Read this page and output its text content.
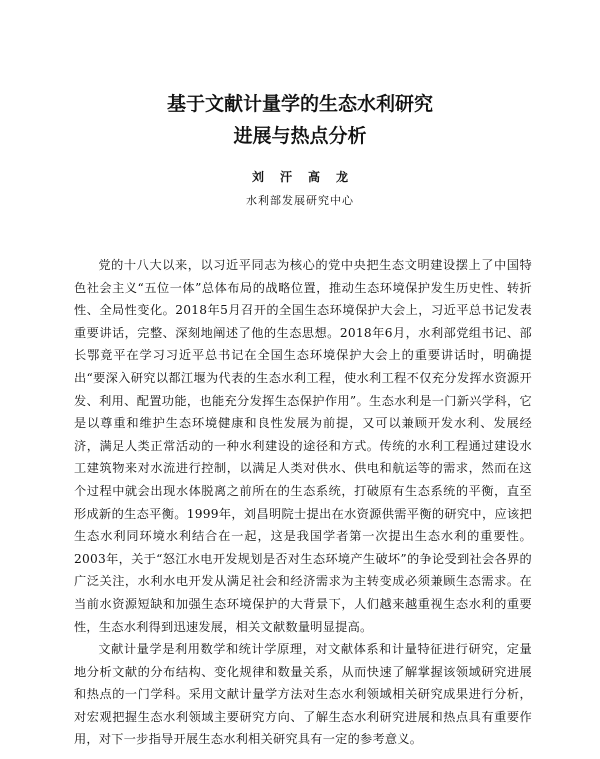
基于文献计量学的生态水利研究
进展与热点分析
刘汗高龙
水利部发展研究中心

党的十八大以来，以习近平同志为核心的党中央把生态文明建设摆上了中国特色社会主义“五位一体”总体布局的战略位置，推动生态环境保护发生历史性、转折性、全局性变化。2018年5月召开的全国生态环境保护大会上，习近平总书记发表重要讲话，完整、深刻地阐述了他的生态思想。2018年6月，水利部党组书记、部长鄂竟平在学习习近平总书记在全国生态环境保护大会上的重要讲话时，明确提出“要深入研究以都江堰为代表的生态水利工程，使水利工程不仅充分发挥水资源开发、利用、配置功能，也能充分发挥生态保护作用”。生态水利是一门新兴学科，它是以尊重和维护生态环境健康和良性发展为前提，又可以兼顾开发水利、发展经济，满足人类正常活动的一种水利建设的途径和方式。传统的水利工程通过建设水工建筑物来对水流进行控制，以满足人类对供水、供电和航运等的需求，然而在这个过程中就会出现水体脱离之前所在的生态系统，打破原有生态系统的平衡，直至形成新的生态平衡。1999年，刘昌明院士提出在水资源供需平衡的研究中，应该把生态水利同环境水利结合在一起，这是我国学者第一次提出生态水利的重要性。2003年，关于“怒江水电开发规划是否对生态环境产生破坏”的争论受到社会各界的广泛关注，水利水电开发从满足社会和经济需求为主转变成必须兼顾生态需求。在当前水资源短缺和加强生态环境保护的大背景下，人们越来越重视生态水利的重要性，生态水利得到迅速发展，相关文献数量明显提高。

文献计量学是利用数学和统计学原理，对文献体系和计量特征进行研究，定量地分析文献的分布结构、变化规律和数量关系，从而快速了解掌握该领域研究进展和热点的一门学科。采用文献计量学方法对生态水利领域相关研究成果进行分析，对宏观把握生态水利领域主要研究方向、了解生态水利研究进展和热点具有重要作用，对下一步指导开展生态水利相关研究具有一定的参考意义。
